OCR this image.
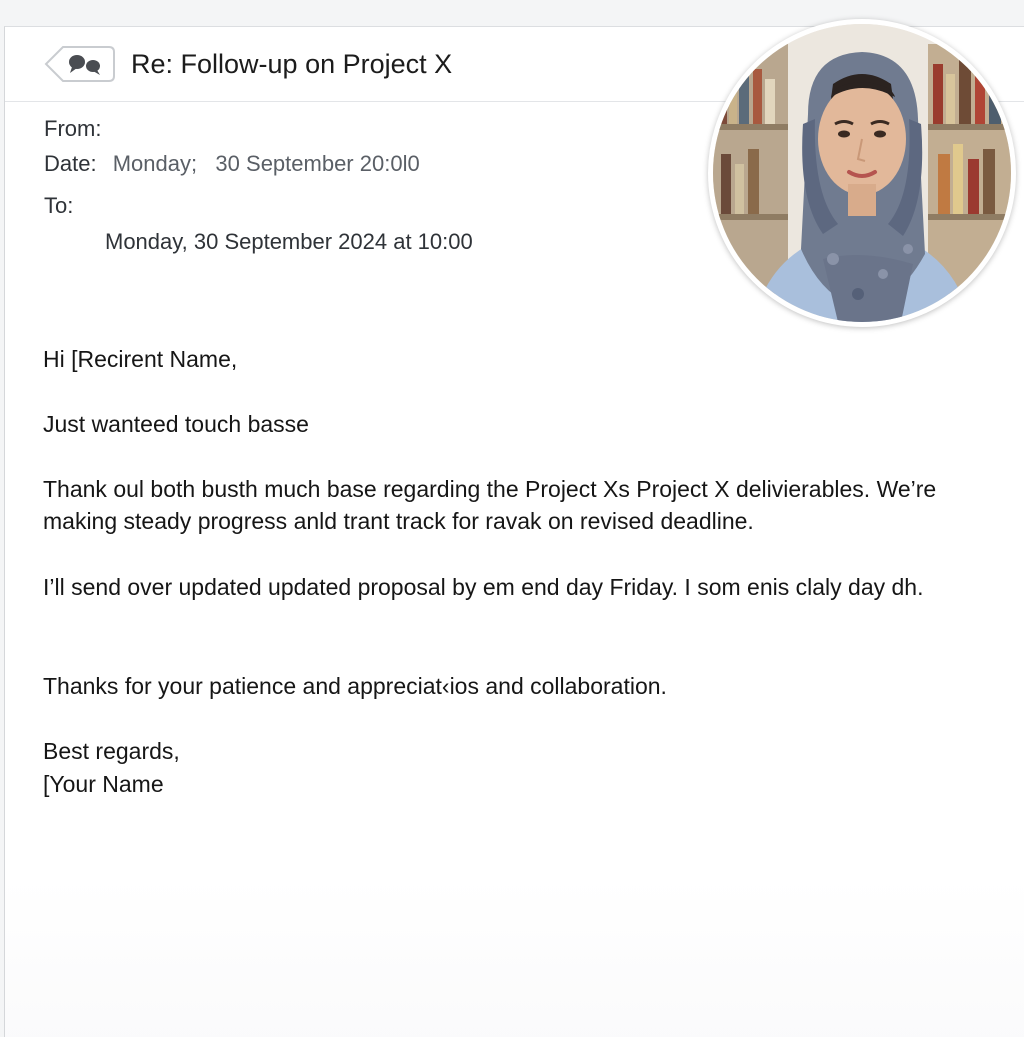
Re: Follow-up on Project X
From:
Date: Monday;   30 September 20:0l0
To:
Monday, 30 September 2024 at 10:00
Hi [Recirent Name,
Just wanteed touch basse
Thank oul both busth much base regarding the Project Xs Project X delivierables. We’re making steady progress anld trant track for ravak on revised deadline.
I’ll send over updated updated proposal by em end day Friday. I som enis claly day dh.
Thanks for your patience and appreciat‹ios and collaboration.
Best regards,
[Your Name
